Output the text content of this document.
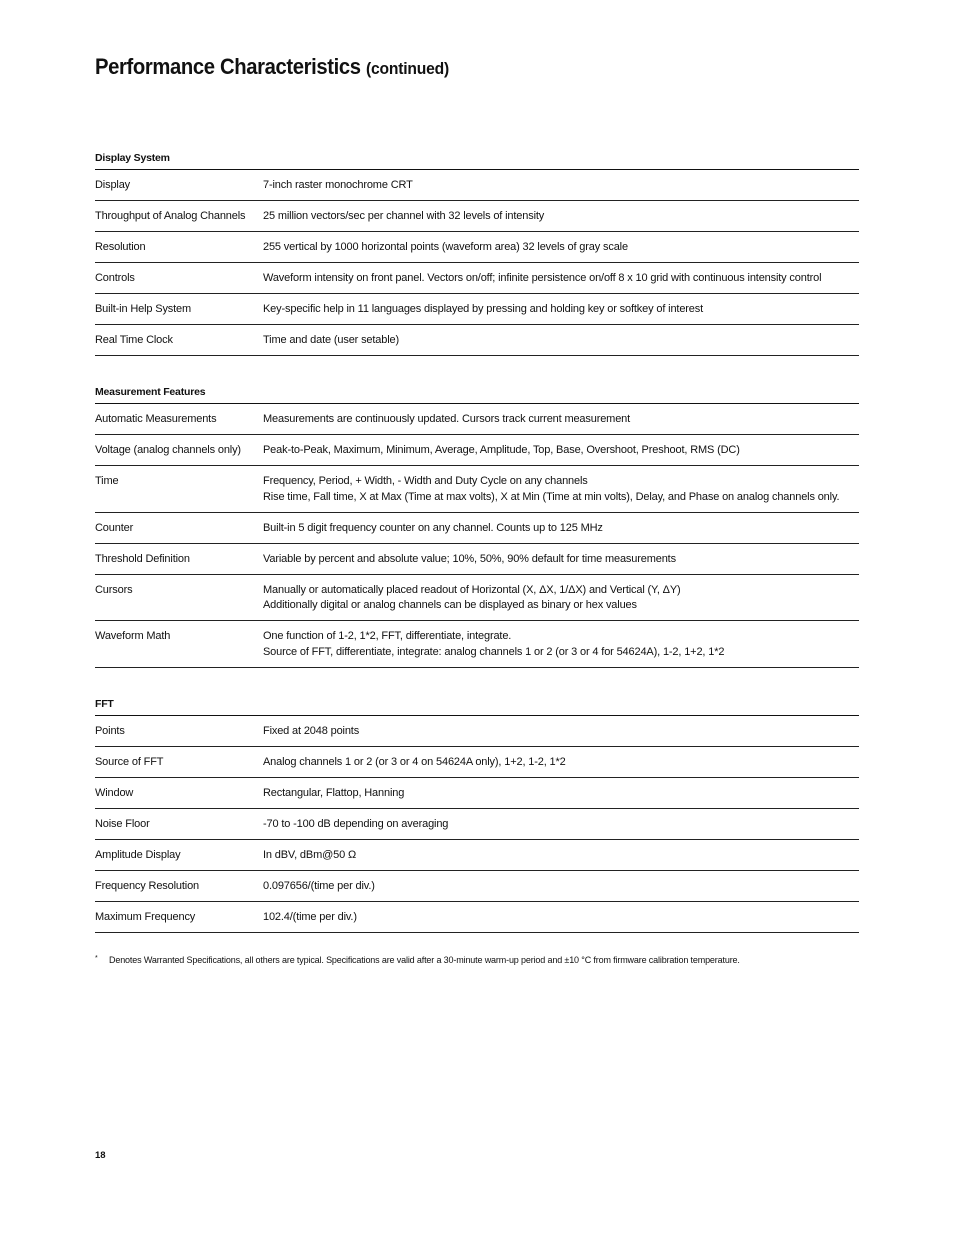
Performance Characteristics (continued)
Display System
Display	7-inch raster monochrome CRT
Throughput of Analog Channels	25 million vectors/sec per channel with 32 levels of intensity
Resolution	255 vertical by 1000 horizontal points (waveform area) 32 levels of gray scale
Controls	Waveform intensity on front panel. Vectors on/off; infinite persistence on/off 8 x 10 grid with continuous intensity control
Built-in Help System	Key-specific help in 11 languages displayed by pressing and holding key or softkey of interest
Real Time Clock	Time and date (user setable)
Measurement Features
Automatic Measurements	Measurements are continuously updated. Cursors track current measurement
Voltage (analog channels only)	Peak-to-Peak, Maximum, Minimum, Average, Amplitude, Top, Base, Overshoot, Preshoot, RMS (DC)
Time	Frequency, Period, + Width, - Width and Duty Cycle on any channels
Rise time, Fall time, X at Max (Time at max volts), X at Min (Time at min volts), Delay, and Phase on analog channels only.
Counter	Built-in 5 digit frequency counter on any channel. Counts up to 125 MHz
Threshold Definition	Variable by percent and absolute value; 10%, 50%, 90% default for time measurements
Cursors	Manually or automatically placed readout of Horizontal (X, ΔX, 1/ΔX) and Vertical (Y, ΔY)
Additionally digital or analog channels can be displayed as binary or hex values
Waveform Math	One function of 1-2, 1*2, FFT, differentiate, integrate.
Source of FFT, differentiate, integrate: analog channels 1 or 2 (or 3 or 4 for 54624A), 1-2, 1+2, 1*2
FFT
Points	Fixed at 2048 points
Source of FFT	Analog channels 1 or 2 (or 3 or 4 on 54624A only), 1+2, 1-2, 1*2
Window	Rectangular, Flattop, Hanning
Noise Floor	-70 to -100 dB depending on averaging
Amplitude Display	In dBV, dBm@50 Ω
Frequency Resolution	0.097656/(time per div.)
Maximum Frequency	102.4/(time per div.)
* Denotes Warranted Specifications, all others are typical. Specifications are valid after a 30-minute warm-up period and ±10 °C from firmware calibration temperature.
18
